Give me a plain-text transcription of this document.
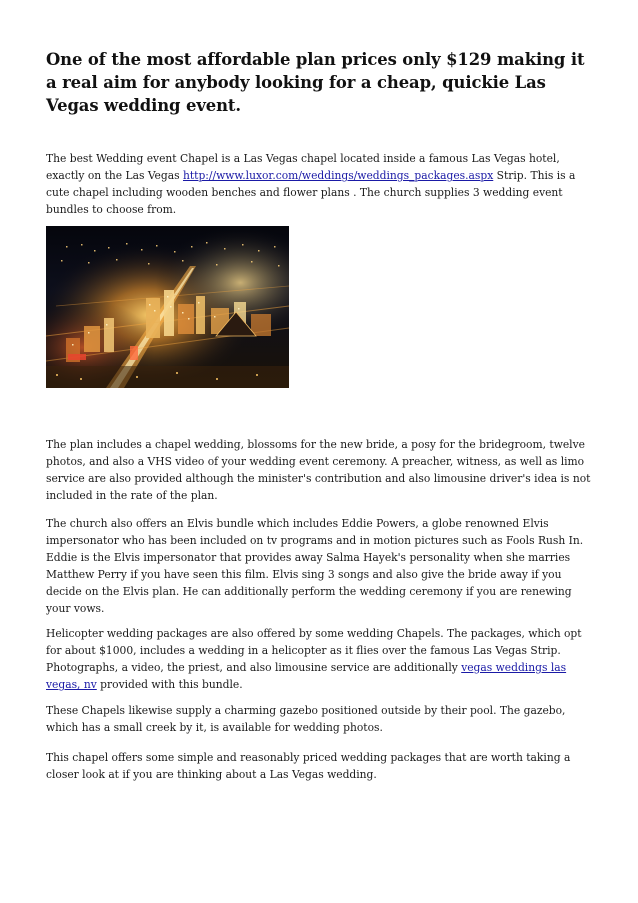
One of the most affordable plan prices only $129 making it a real aim for anybody looking for a cheap, quickie Las Vegas wedding event.

The best Wedding event Chapel is a Las Vegas chapel located inside a famous Las Vegas hotel, exactly on the Las Vegas http://www.luxor.com/weddings/weddings_packages.aspx Strip. This is a cute chapel including wooden benches and flower plans . The church supplies 3 wedding event bundles to choose from.

The plan includes a chapel wedding, blossoms for the new bride, a posy for the bridegroom, twelve photos, and also a VHS video of your wedding event ceremony. A preacher, witness, as well as limo service are also provided although the minister's contribution and also limousine driver's idea is not included in the rate of the plan.

The church also offers an Elvis bundle which includes Eddie Powers, a globe renowned Elvis impersonator who has been included on tv programs and in motion pictures such as Fools Rush In. Eddie is the Elvis impersonator that provides away Salma Hayek's personality when she marries Matthew Perry if you have seen this film. Elvis sing 3 songs and also give the bride away if you decide on the Elvis plan. He can additionally perform the wedding ceremony if you are renewing your vows.

Helicopter wedding packages are also offered by some wedding Chapels. The packages, which opt for about $1000, includes a wedding in a helicopter as it flies over the famous Las Vegas Strip. Photographs, a video, the priest, and also limousine service are additionally vegas weddings las vegas, nv provided with this bundle.

These Chapels likewise supply a charming gazebo positioned outside by their pool. The gazebo, which has a small creek by it, is available for wedding photos.

This chapel offers some simple and reasonably priced wedding packages that are worth taking a closer look at if you are thinking about a Las Vegas wedding.
